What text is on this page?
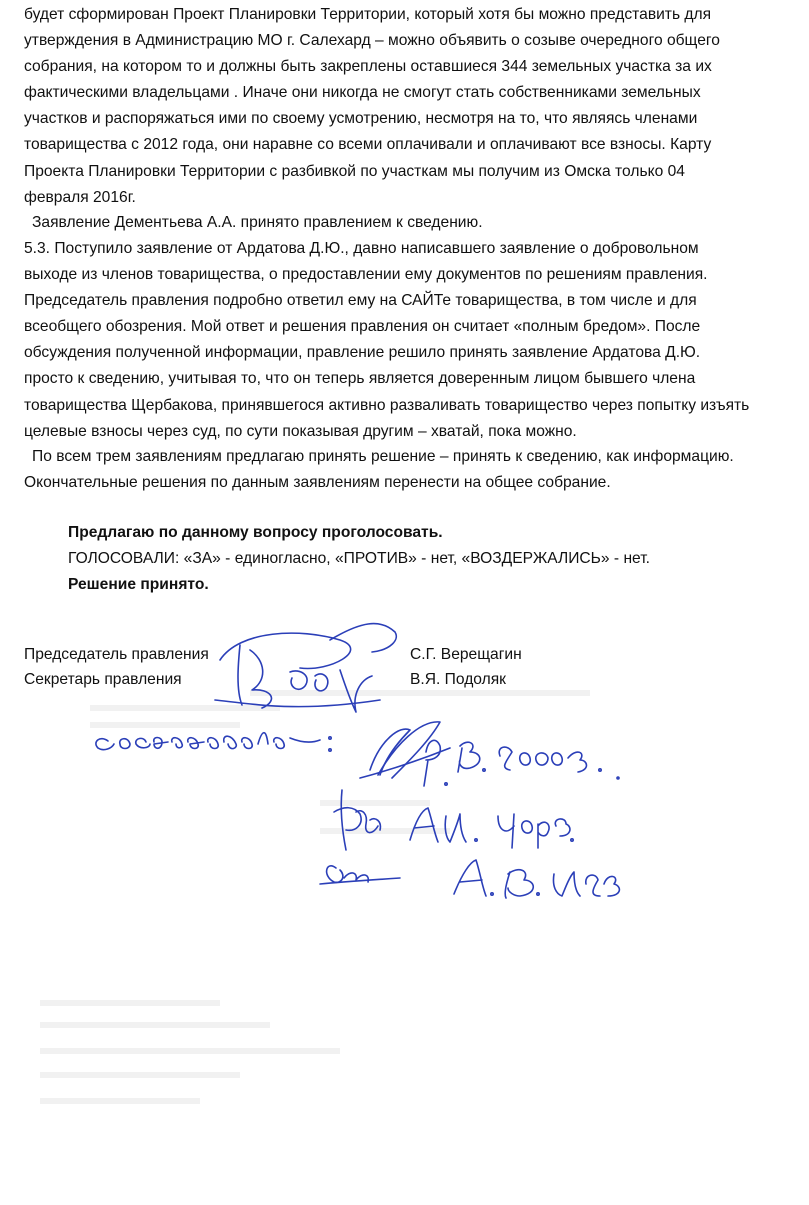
будет сформирован Проект Планировки Территории, который хотя бы можно представить для
утверждения в Администрацию МО г. Салехард – можно объявить о созыве очередного общего
собрания, на котором то и должны быть закреплены оставшиеся 344 земельных участка за их
фактическими владельцами . Иначе они никогда не смогут стать собственниками земельных
участков и распоряжаться ими по своему усмотрению, несмотря на то, что являясь членами
товарищества с 2012 года, они наравне со всеми оплачивали и оплачивают все взносы. Карту
Проекта Планировки Территории с разбивкой по участкам мы получим из Омска только 04
февраля 2016г.
Заявление Дементьева А.А. принято правлением к сведению.
5.3. Поступило заявление от Ардатова Д.Ю., давно написавшего заявление о добровольном
выходе из членов товарищества, о предоставлении ему документов по решениям правления.
Председатель правления подробно ответил ему на САЙТе товарищества, в том числе и для
всеобщего обозрения. Мой ответ и решения правления он считает «полным бредом». После
обсуждения полученной информации, правление решило принять заявление Ардатова Д.Ю.
просто к сведению, учитывая то, что он теперь является доверенным лицом бывшего члена
товарищества Щербакова, принявшегося активно разваливать товарищество через попытку изъять
целевые взносы через суд, по сути показывая другим – хватай, пока можно.
По всем трем заявлениям предлагаю принять решение – принять к сведению, как информацию.
Окончательные решения по данным заявлениям перенести на общее собрание.
Предлагаю по данному вопросу проголосовать.
ГОЛОСОВАЛИ: «ЗА» - единогласно, «ПРОТИВ» - нет, «ВОЗДЕРЖАЛИСЬ» - нет.
Решение принято.
Председатель правления	С.Г. Верещагин
Секретарь правления	В.Я. Подоляк
